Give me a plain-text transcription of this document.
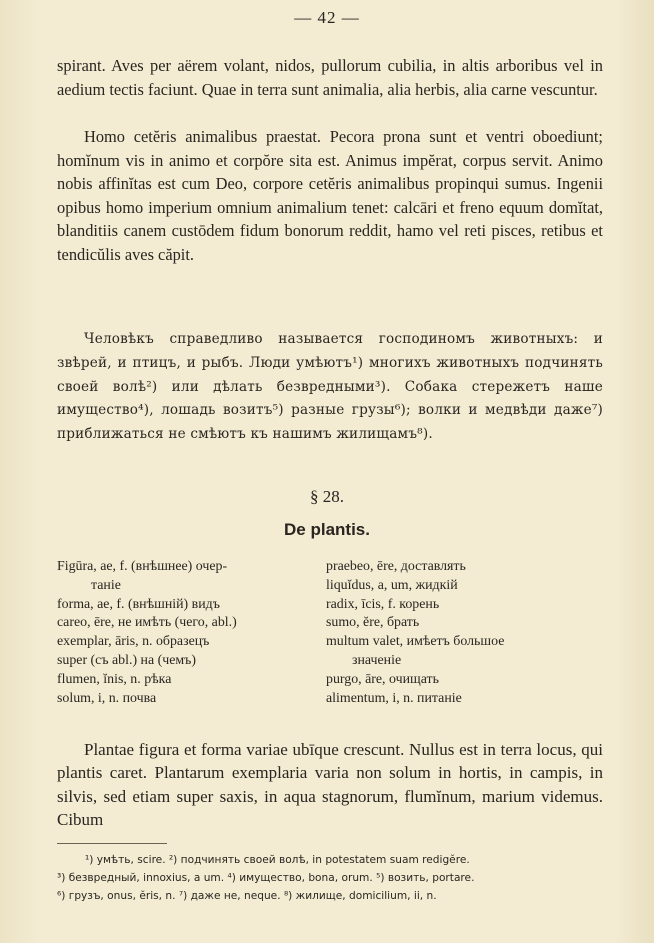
— 42 —

spirant. Aves per aërem volant, nidos, pullorum cubilia, in altis arboribus vel in aedium tectis faciunt. Quae in terra sunt animalia, alia herbis, alia carne vescuntur.

Homo cetĕris animalibus praestat. Pecora prona sunt et ventri oboediunt; homĭnum vis in animo et corpŏre sita est. Animus impĕrat, corpus servit. Animo nobis affinĭtas est cum Deo, corpore cetĕris animalibus propinqui sumus. Ingenii opibus homo imperium omnium animalium tenet: calcāri et freno equum domĭtat, blanditiis canem custōdem fidum bonorum reddit, hamo vel reti pisces, retibus et tendicŭlis aves căpit.

Человѣкъ справедливо называется господиномъ животныхъ: и звѣрей, и птицъ, и рыбъ. Люди умѣютъ¹) многихъ животныхъ подчинять своей волѣ²) или дѣлать безвредными³). Собака стережетъ наше имущество⁴), лошадь возитъ⁵) разные грузы⁶); волки и медвѣди даже⁷) приближаться не смѣютъ къ нашимъ жилищамъ⁸).

§ 28.
De plantis.
Figūra, ae, f. (внѣшнее) очер-
таніе
forma, ae, f. (внѣшній) видъ
careo, ēre, не имѣть (чего, abl.)
exemplar, āris, n. образецъ
super (съ abl.) на (чемъ)
flumen, ĭnis, n. рѣка
solum, i, n. почва
praebeo, ēre, доставлять
liquĭdus, a, um, жидкій
radix, īcis, f. корень
sumo, ĕre, брать
multum valet, имѣетъ большое
значеніе
purgo, āre, очищать
alimentum, i, n. питаніе

Plantae figura et forma variae ubīque crescunt. Nullus est in terra locus, qui plantis caret. Plantarum exemplaria varia non solum in hortis, in campis, in silvis, sed etiam super saxis, in aqua stagnorum, flumĭnum, marium videmus. Cibum

¹) умѣть, scire. ²) подчинять своей волѣ, in potestatem suam redigĕre.
³) безвредный, innoxius, a um. ⁴) имущество, bona, orum. ⁵) возить, portare.
⁶) грузъ, onus, ĕris, n. ⁷) даже не, neque. ⁸) жилище, domicilium, ii, n.
